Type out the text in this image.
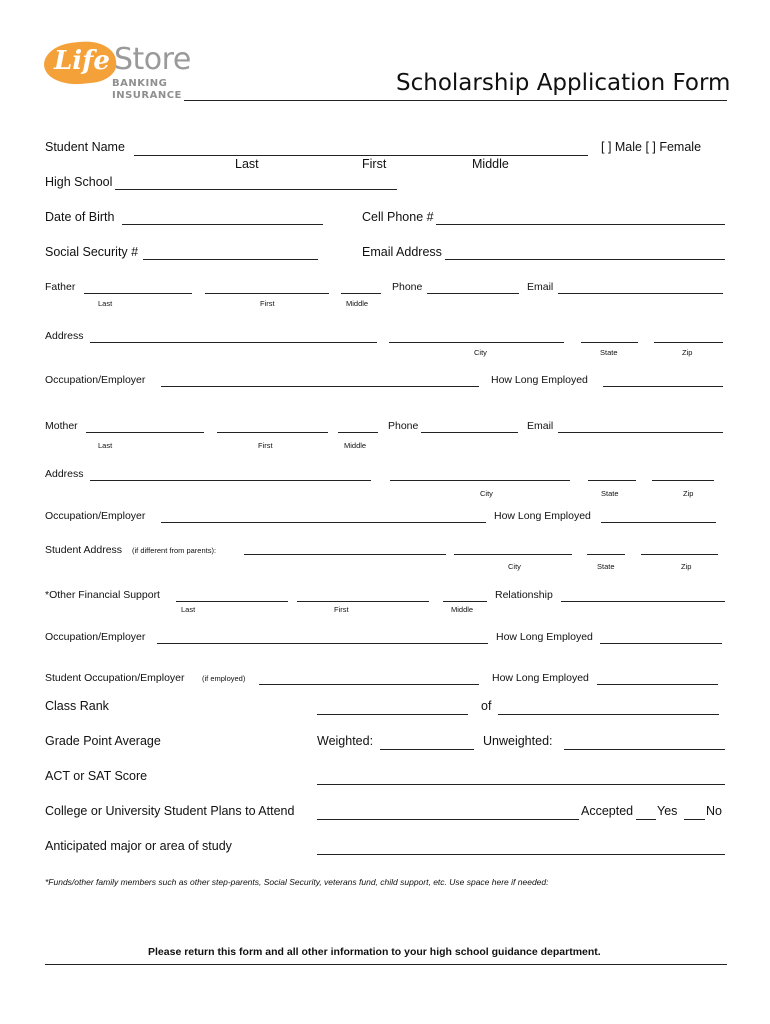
Life Store
BANKING
INSURANCE	Scholarship Application Form
Student Name	[ ] Male [ ] Female
Last	First	Middle
High School
Date of Birth	Cell Phone #
Social Security #	Email Address
Father	Phone	Email
Last	First	Middle
Address
City	State	Zip
Occupation/Employer	How Long Employed
Mother	Phone	Email
Last	First	Middle
Address
City	State	Zip
Occupation/Employer	How Long Employed
Student Address (if different from parents):
City	State	Zip
*Other Financial Support	Relationship
Last	First	Middle
Occupation/Employer	How Long Employed
Student Occupation/Employer (if employed)	How Long Employed
Class Rank	of
Grade Point Average	Weighted:	Unweighted:
ACT or SAT Score
College or University Student Plans to Attend	Accepted Yes No
Anticipated major or area of study
*Funds/other family members such as other step-parents, Social Security, veterans fund, child support, etc. Use space here if needed:
Please return this form and all other information to your high school guidance department.
